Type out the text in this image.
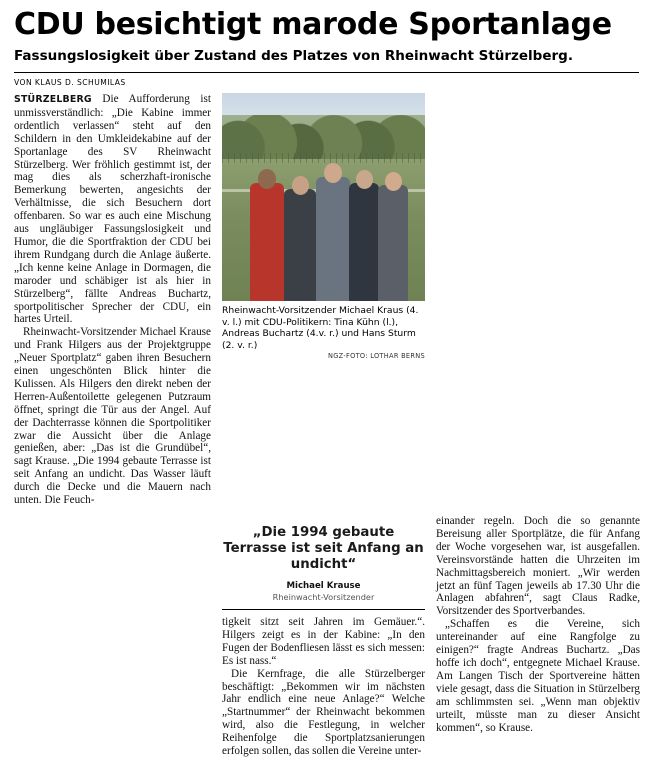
CDU besichtigt marode Sportanlage
Fassungslosigkeit über Zustand des Platzes von Rheinwacht Stürzelberg.
VON KLAUS D. SCHUMILAS

STÜRZELBERG Die Aufforderung ist unmissverständlich: „Die Kabine immer ordentlich verlassen“ steht auf den Schildern in den Umkleidekabine auf der Sportanlage des SV Rheinwacht Stürzelberg. Wer fröhlich gestimmt ist, der mag dies als scherzhaft-ironische Bemerkung bewerten, angesichts der Verhältnisse, die sich Besuchern dort offenbaren. So war es auch eine Mischung aus ungläubiger Fassungslosigkeit und Humor, die die Sportfraktion der CDU bei ihrem Rundgang durch die Anlage äußerte. „Ich kenne keine Anlage in Dormagen, die maroder und schäbiger ist als hier in Stürzelberg“, fällte Andreas Buchartz, sportpolitischer Sprecher der CDU, ein hartes Urteil.

Rheinwacht-Vorsitzender Michael Krause und Frank Hilgers aus der Projektgruppe „Neuer Sportplatz“ gaben ihren Besuchern einen ungeschönten Blick hinter die Kulissen. Als Hilgers den direkt neben der Herren-Außentoilette gelegenen Putzraum öffnet, springt die Tür aus der Angel. Auf der Dachterrasse können die Sportpolitiker zwar die Aussicht über die Anlage genießen, aber: „Das ist die Grundübel“, sagt Krause. „Die 1994 gebaute Terrasse ist seit Anfang an undicht. Das Wasser läuft durch die Decke und die Mauern nach unten. Die Feuch-

Rheinwacht-Vorsitzender Michael Kraus (4. v. l.) mit CDU-Politikern: Tina Kühn (l.), Andreas Buchartz (4.v. r.) und Hans Sturm (2. v. r.)
NGZ-FOTO: LOTHAR BERNS

„Die 1994 gebaute Terrasse ist seit Anfang an undicht“

Michael Krause

Rheinwacht-Vorsitzender

tigkeit sitzt seit Jahren im Gemäuer.“. Hilgers zeigt es in der Kabine: „In den Fugen der Bodenfliesen lässt es sich messen: Es ist nass.“

Die Kernfrage, die alle Stürzelberger beschäftigt: „Bekommen wir im nächsten Jahr endlich eine neue Anlage?“ Welche „Startnummer“ der Rheinwacht bekommen wird, also die Festlegung, in welcher Reihenfolge die Sportplatzsanierungen erfolgen sollen, das sollen die Vereine unter-

einander regeln. Doch die so genannte Bereisung aller Sportplätze, die für Anfang der Woche vorgesehen war, ist ausgefallen. Vereinsvorstände hatten die Uhrzeiten im Nachmittagsbereich moniert. „Wir werden jetzt an fünf Tagen jeweils ab 17.30 Uhr die Anlagen abfahren“, sagt Claus Radke, Vorsitzender des Sportverbandes.

„Schaffen es die Vereine, sich untereinander auf eine Rangfolge zu einigen?“ fragte Andreas Buchartz. „Das hoffe ich doch“, entgegnete Michael Krause. Am Langen Tisch der Sportvereine hätten viele gesagt, dass die Situation in Stürzelberg am schlimmsten sei. „Wenn man objektiv urteilt, müsste man zu dieser Ansicht kommen“, so Krause.
